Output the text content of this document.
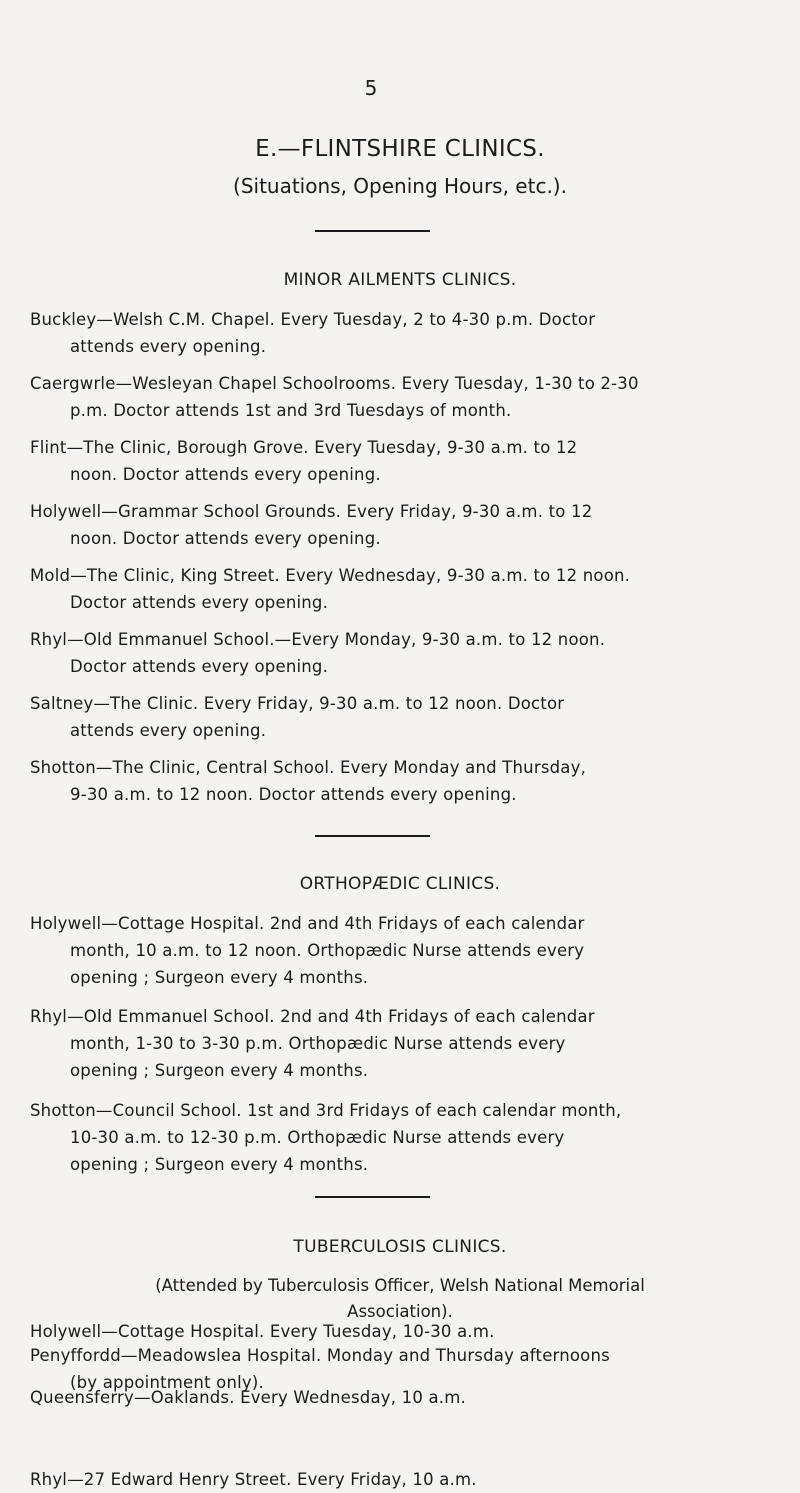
5
E.—FLINTSHIRE CLINICS.
(Situations, Opening Hours, etc.).
MINOR AILMENTS CLINICS.
Buckley—Welsh C.M. Chapel. Every Tuesday, 2 to 4-30 p.m. Doctor
attends every opening.
Caergwrle—Wesleyan Chapel Schoolrooms. Every Tuesday, 1-30 to 2-30
p.m. Doctor attends 1st and 3rd Tuesdays of month.
Flint—The Clinic, Borough Grove. Every Tuesday, 9-30 a.m. to 12
noon. Doctor attends every opening.
Holywell—Grammar School Grounds. Every Friday, 9-30 a.m. to 12
noon. Doctor attends every opening.
Mold—The Clinic, King Street. Every Wednesday, 9-30 a.m. to 12 noon.
Doctor attends every opening.
Rhyl—Old Emmanuel School.—Every Monday, 9-30 a.m. to 12 noon.
Doctor attends every opening.
Saltney—The Clinic. Every Friday, 9-30 a.m. to 12 noon. Doctor
attends every opening.
Shotton—The Clinic, Central School. Every Monday and Thursday,
9-30 a.m. to 12 noon. Doctor attends every opening.
ORTHOPÆDIC CLINICS.
Holywell—Cottage Hospital. 2nd and 4th Fridays of each calendar
month, 10 a.m. to 12 noon. Orthopædic Nurse attends every
opening ; Surgeon every 4 months.
Rhyl—Old Emmanuel School. 2nd and 4th Fridays of each calendar
month, 1-30 to 3-30 p.m. Orthopædic Nurse attends every
opening ; Surgeon every 4 months.
Shotton—Council School. 1st and 3rd Fridays of each calendar month,
10-30 a.m. to 12-30 p.m. Orthopædic Nurse attends every
opening ; Surgeon every 4 months.
TUBERCULOSIS CLINICS.
(Attended by Tuberculosis Officer, Welsh National Memorial
Association).
Holywell—Cottage Hospital. Every Tuesday, 10-30 a.m.
Penyffordd—Meadowslea Hospital. Monday and Thursday afternoons
(by appointment only).
Queensferry—Oaklands. Every Wednesday, 10 a.m.
Rhyl—27 Edward Henry Street. Every Friday, 10 a.m.
